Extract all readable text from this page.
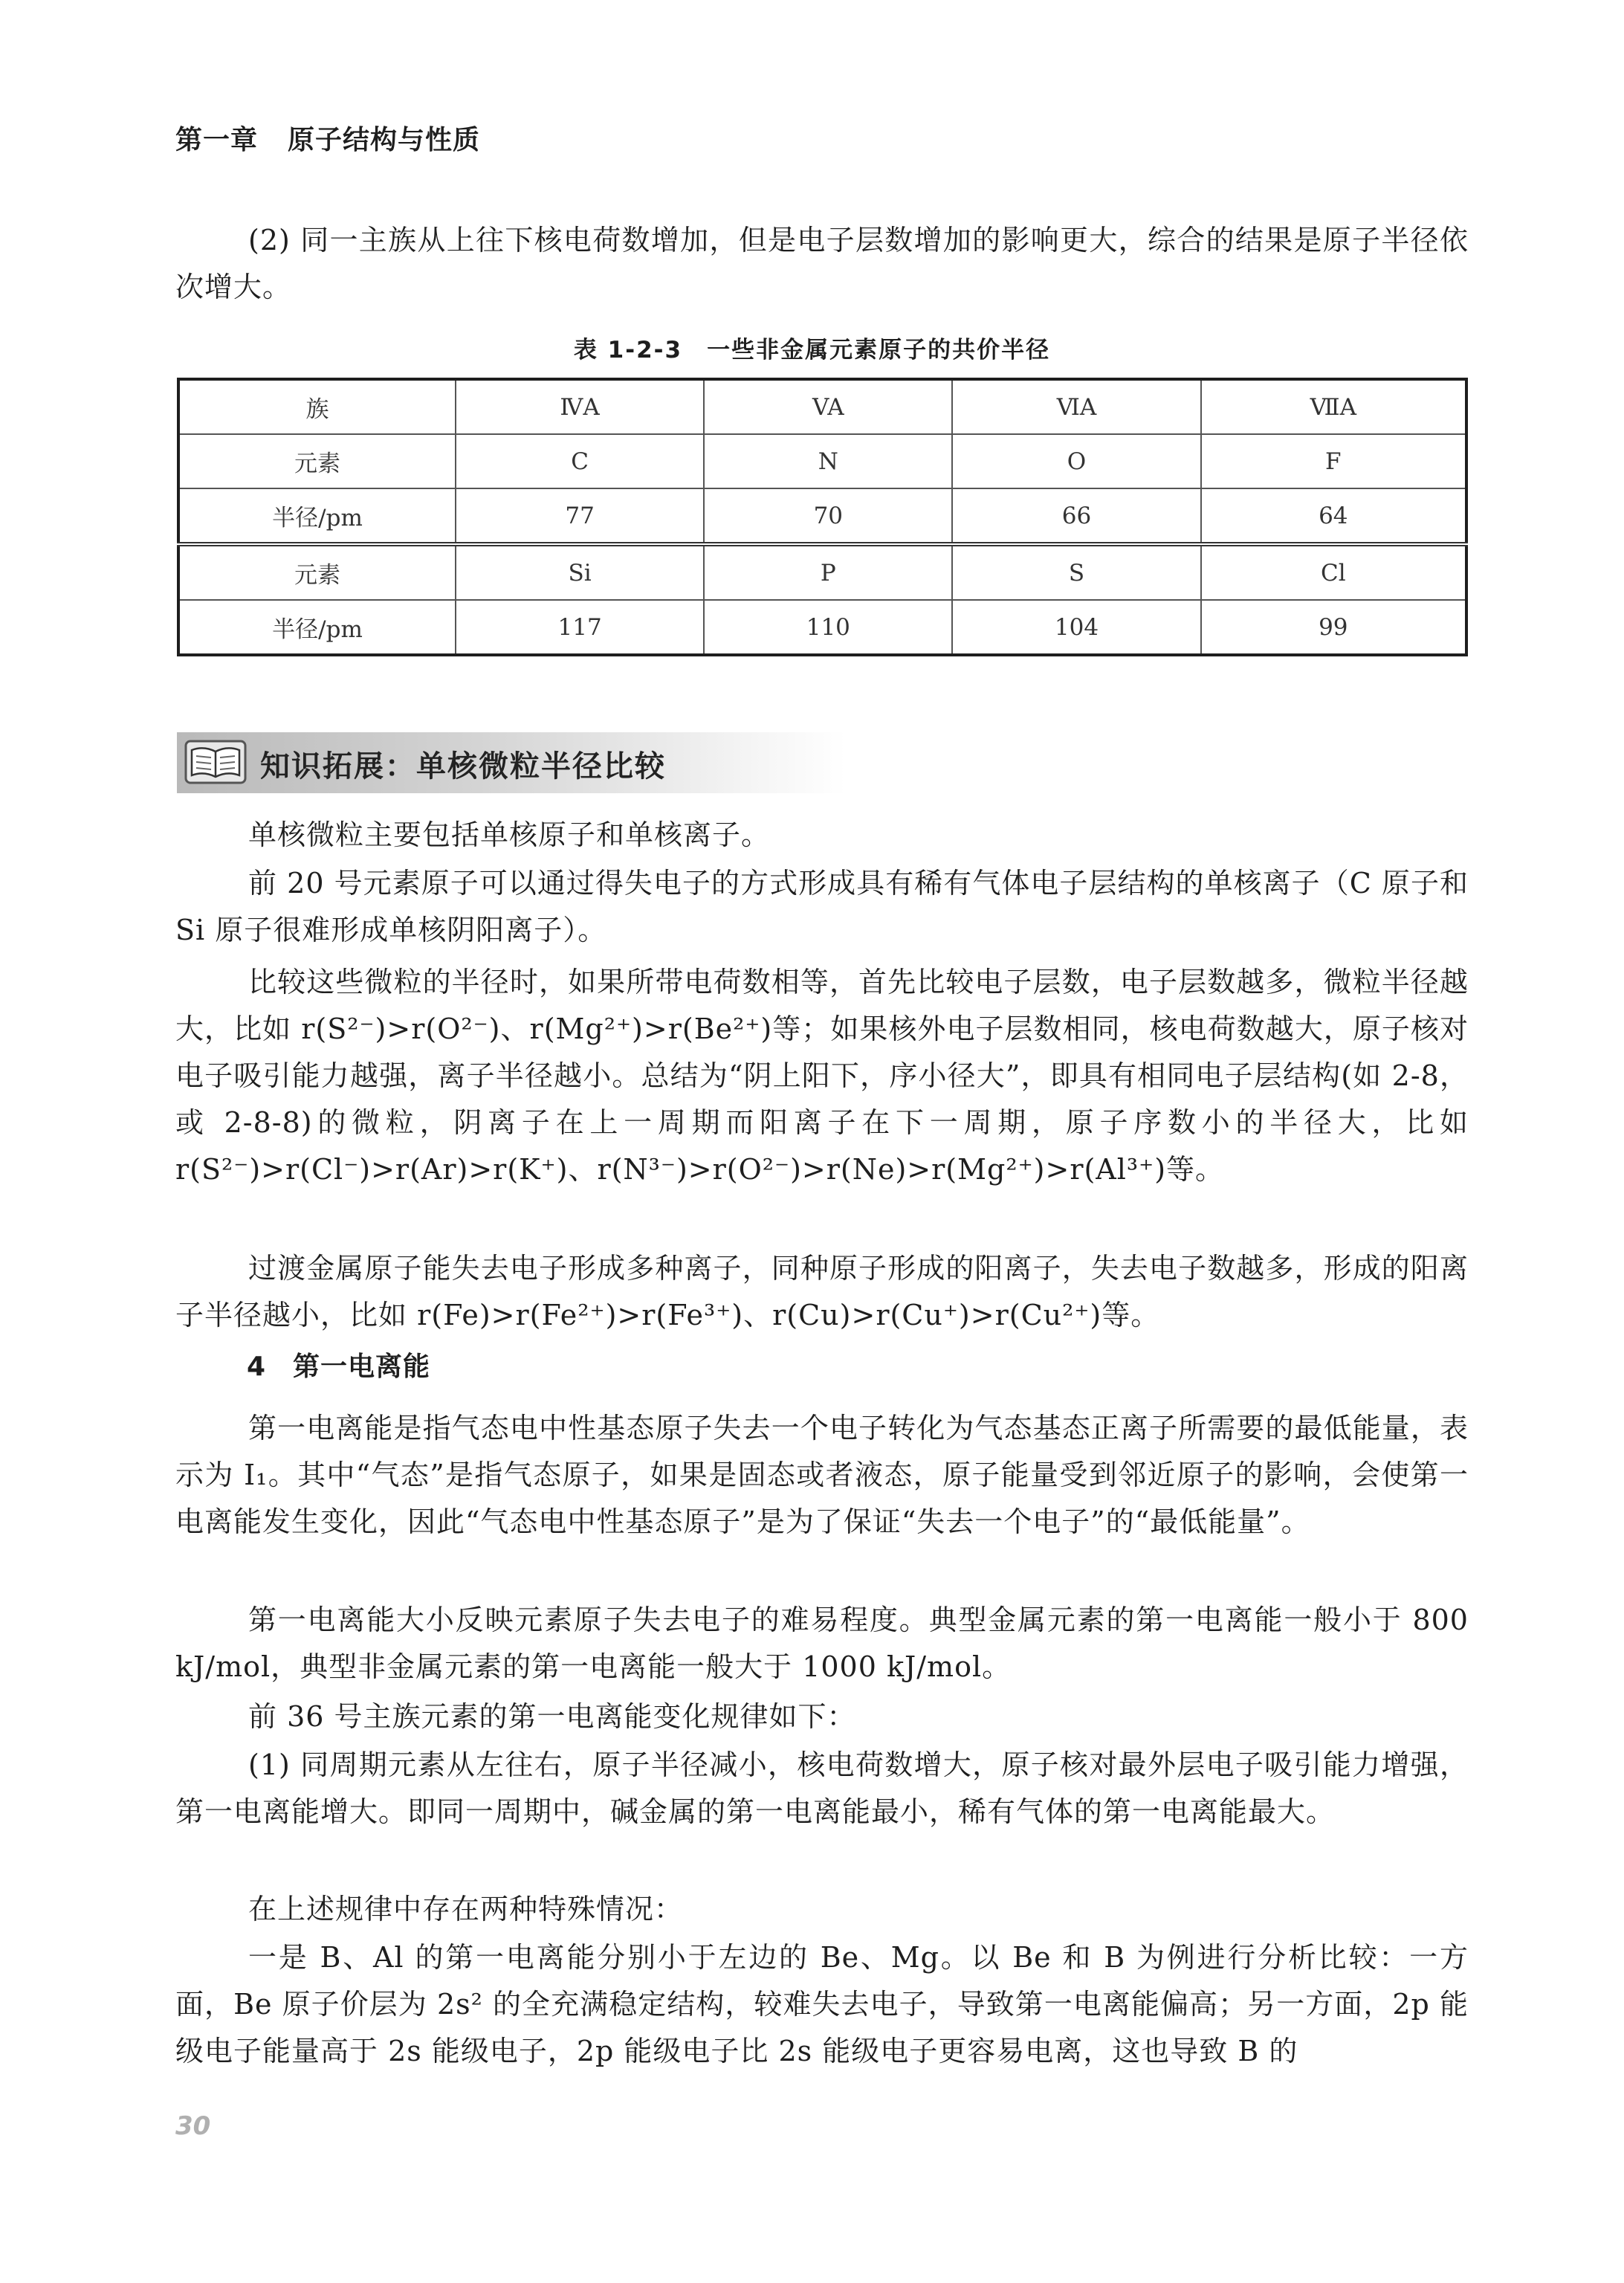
第一章 原子结构与性质
(2) 同一主族从上往下核电荷数增加，但是电子层数增加的影响更大，综合的结果是原子半径依次增大。
表 1-2-3　一些非金属元素原子的共价半径
族	ⅣA	VA	ⅥA	ⅦA
元素	C	N	O	F
半径/pm	77	70	66	64
元素	Si	P	S	Cl
半径/pm	117	110	104	99
知识拓展：单核微粒半径比较
单核微粒主要包括单核原子和单核离子。
前 20 号元素原子可以通过得失电子的方式形成具有稀有气体电子层结构的单核离子（C 原子和 Si 原子很难形成单核阴阳离子）。
比较这些微粒的半径时，如果所带电荷数相等，首先比较电子层数，电子层数越多，微粒半径越大，比如 r(S²⁻)>r(O²⁻)、r(Mg²⁺)>r(Be²⁺)等；如果核外电子层数相同，核电荷数越大，原子核对电子吸引能力越强，离子半径越小。总结为“阴上阳下，序小径大”，即具有相同电子层结构(如 2-8，或 2-8-8)的微粒，阴离子在上一周期而阳离子在下一周期，原子序数小的半径大，比如 r(S²⁻)>r(Cl⁻)>r(Ar)>r(K⁺)、r(N³⁻)>r(O²⁻)>r(Ne)>r(Mg²⁺)>r(Al³⁺)等。
过渡金属原子能失去电子形成多种离子，同种原子形成的阳离子，失去电子数越多，形成的阳离子半径越小，比如 r(Fe)>r(Fe²⁺)>r(Fe³⁺)、r(Cu)>r(Cu⁺)>r(Cu²⁺)等。
4 第一电离能
第一电离能是指气态电中性基态原子失去一个电子转化为气态基态正离子所需要的最低能量，表示为 I₁。其中“气态”是指气态原子，如果是固态或者液态，原子能量受到邻近原子的影响，会使第一电离能发生变化，因此“气态电中性基态原子”是为了保证“失去一个电子”的“最低能量”。
第一电离能大小反映元素原子失去电子的难易程度。典型金属元素的第一电离能一般小于 800 kJ/mol，典型非金属元素的第一电离能一般大于 1000 kJ/mol。
前 36 号主族元素的第一电离能变化规律如下：
(1) 同周期元素从左往右，原子半径减小，核电荷数增大，原子核对最外层电子吸引能力增强，第一电离能增大。即同一周期中，碱金属的第一电离能最小，稀有气体的第一电离能最大。
在上述规律中存在两种特殊情况：
一是 B、Al 的第一电离能分别小于左边的 Be、Mg。以 Be 和 B 为例进行分析比较：一方面，Be 原子价层为 2s² 的全充满稳定结构，较难失去电子，导致第一电离能偏高；另一方面，2p 能级电子能量高于 2s 能级电子，2p 能级电子比 2s 能级电子更容易电离，这也导致 B 的
30
